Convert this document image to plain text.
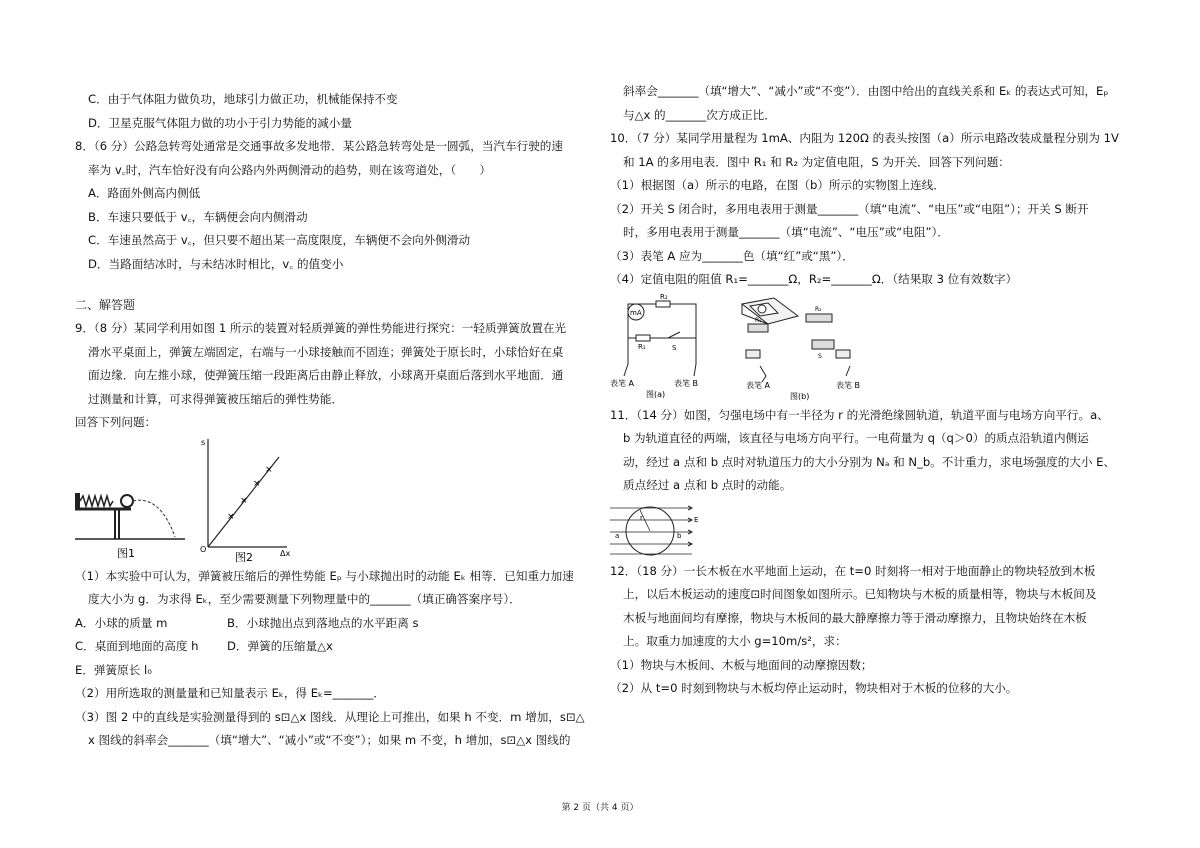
C．由于气体阻力做负功，地球引力做正功，机械能保持不变
D．卫星克服气体阻力做的功小于引力势能的减小量
8．（6 分）公路急转弯处通常是交通事故多发地带．某公路急转弯处是一圆弧，当汽车行驶的速
率为 v꜀时，汽车恰好没有向公路内外两侧滑动的趋势，则在该弯道处，（　　）
A．路面外侧高内侧低
B．车速只要低于 v꜀，车辆便会向内侧滑动
C．车速虽然高于 v꜀，但只要不超出某一高度限度，车辆便不会向外侧滑动
D．当路面结冰时，与未结冰时相比，v꜀ 的值变小
二、解答题
9．（8 分）某同学利用如图 1 所示的装置对轻质弹簧的弹性势能进行探究：一轻质弹簧放置在光
滑水平桌面上，弹簧左端固定，右端与一小球接触而不固连；弹簧处于原长时，小球恰好在桌
面边缘．向左推小球，使弹簧压缩一段距离后由静止释放，小球离开桌面后落到水平地面．通
过测量和计算，可求得弹簧被压缩后的弹性势能．
回答下列问题：
图1
×
×
×
×
s
O	Δx
图2
（1）本实验中可认为，弹簧被压缩后的弹性势能 Eₚ 与小球抛出时的动能 Eₖ 相等．已知重力加速
度大小为 g．为求得 Eₖ，至少需要测量下列物理量中的_______（填正确答案序号）．
A．小球的质量 m	B．小球抛出点到落地点的水平距离 s
C．桌面到地面的高度 h D．弹簧的压缩量△x
E．弹簧原长 l₀
（2）用所选取的测量量和已知量表示 Eₖ，得 Eₖ=_______．
（3）图 2 中的直线是实验测量得到的 s⊡△x 图线．从理论上可推出，如果 h 不变．m 增加，s⊡△
x 图线的斜率会_______（填“增大”、“减小”或“不变”）；如果 m 不变，h 增加，s⊡△x 图线的
斜率会_______（填“增大”、“减小”或“不变”）．由图中给出的直线关系和 Eₖ 的表达式可知，Eₚ
与△x 的_______次方成正比．
10．（7 分）某同学用量程为 1mA、内阻为 120Ω 的表头按图（a）所示电路改装成量程分别为 1V
和 1A 的多用电表．图中 R₁ 和 R₂ 为定值电阻，S 为开关．回答下列问题：
（1）根据图（a）所示的电路，在图（b）所示的实物图上连线．
（2）开关 S 闭合时，多用电表用于测量_______（填“电流”、“电压”或“电阻”）；开关 S 断开
时，多用电表用于测量_______（填“电流”、“电压”或“电阻”）．
（3）表笔 A 应为_______色（填“红”或“黑”）．
（4）定值电阻的阻值 R₁=_______Ω，R₂=_______Ω．（结果取 3 位有效数字）
mA
R₂
R₁	S
表笔 A	表笔 B
图(a)
R₁
R₂
S
表笔 A	表笔 B
图(b)
11．（14 分）如图，匀强电场中有一半径为 r 的光滑绝缘圆轨道，轨道平面与电场方向平行。a、
b 为轨道直径的两端，该直径与电场方向平行。一电荷量为 q（q＞0）的质点沿轨道内侧运
动，经过 a 点和 b 点时对轨道压力的大小分别为 Nₐ 和 N_b。不计重力，求电场强度的大小 E、
质点经过 a 点和 b 点时的动能。
r
a	b
E
12．（18 分）一长木板在水平地面上运动，在 t=0 时刻将一相对于地面静止的物块轻放到木板
上，以后木板运动的速度⊡时间图象如图所示。已知物块与木板的质量相等，物块与木板间及
木板与地面间均有摩擦，物块与木板间的最大静摩擦力等于滑动摩擦力，且物块始终在木板
上。取重力加速度的大小 g=10m/s²，求：
（1）物块与木板间、木板与地面间的动摩擦因数；
（2）从 t=0 时刻到物块与木板均停止运动时，物块相对于木板的位移的大小。
第 2 页（共 4 页）
